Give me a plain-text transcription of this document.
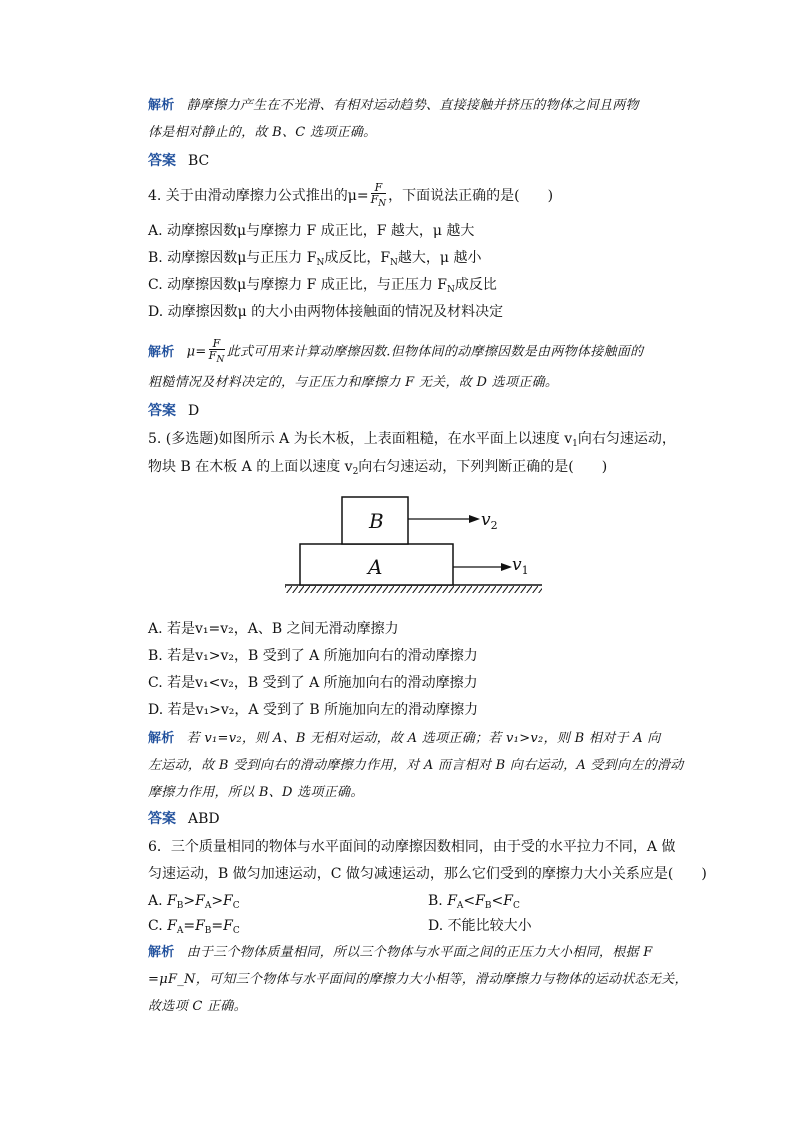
解析 静摩擦力产生在不光滑、有相对运动趋势、直接接触并挤压的物体之间且两物
体是相对静止的，故 B、C 选项正确。
答案 BC
4. 关于由滑动摩擦力公式推出的$\mu= \frac{F}{F_N}$ ，下面说法正确的是(　　)
A. 动摩擦因数μ与摩擦力 F 成正比，F 越大，μ 越大
B. 动摩擦因数μ与正压力 $F_N$成反比，$F_N$越大，μ 越小
C. 动摩擦因数μ与摩擦力 F 成正比，与正压力 $F_N$成反比
D. 动摩擦因数μ 的大小由两物体接触面的情况及材料决定
解析 $\mu= \frac{F}{F_N}$ 此式可用来计算动摩擦因数.但物体间的动摩擦因数是由两物体接触面的
粗糙情况及材料决定的，与正压力和摩擦力 F 无关，故 D 选项正确。
答案 D
5. (多选题)如图所示 A 为长木板，上表面粗糙，在水平面上以速度 $v_1$向右匀速运动，
物块 B 在木板 A 的上面以速度 $v_2$向右匀速运动，下列判断正确的是(　　)
A
B	$v_2$
$v_1$
A. 若是v₁=v₂，A、B 之间无滑动摩擦力
B. 若是v₁>v₂，B 受到了 A 所施加向右的滑动摩擦力
C. 若是v₁<v₂，B 受到了 A 所施加向右的滑动摩擦力
D. 若是v₁>v₂，A 受到了 B 所施加向左的滑动摩擦力
解析 若 v₁=v₂，则 A、B 无相对运动，故 A 选项正确；若 v₁>v₂，则 B 相对于 A 向
左运动，故 B 受到向右的滑动摩擦力作用，对 A 而言相对 B 向右运动，A 受到向左的滑动
摩擦力作用，所以 B、D 选项正确。
答案 ABD
6．三个质量相同的物体与水平面间的动摩擦因数相同，由于受的水平拉力不同，A 做
匀速运动，B 做匀加速运动，C 做匀减速运动，那么它们受到的摩擦力大小关系应是(　　)
A. $F_B>F_A>F_C$	B. $F_A<F_B<F_C$
C. $F_A=F_B=F_C$	D. 不能比较大小
解析 由于三个物体质量相同，所以三个物体与水平面之间的正压力大小相同，根据 F
=μF_N，可知三个物体与水平面间的摩擦力大小相等，滑动摩擦力与物体的运动状态无关，
故选项 C 正确。
